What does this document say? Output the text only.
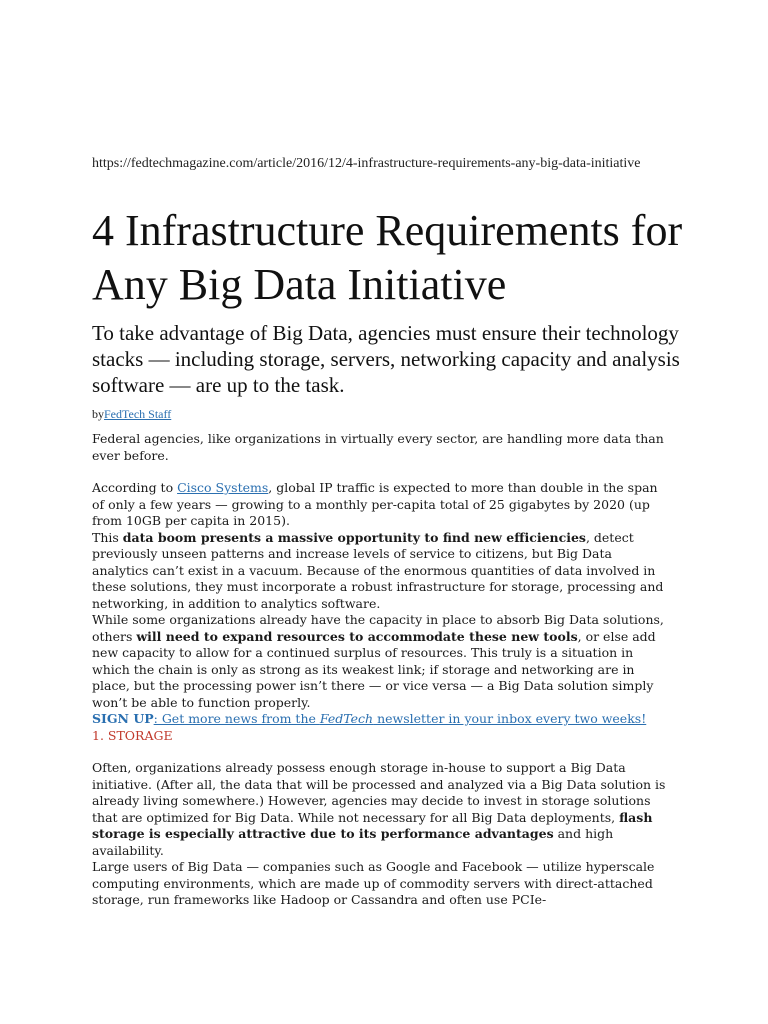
https://fedtechmagazine.com/article/2016/12/4-infrastructure-requirements-any-big-data-initiative
4 Infrastructure Requirements for Any Big Data Initiative
To take advantage of Big Data, agencies must ensure their technology stacks — including storage, servers, networking capacity and analysis software — are up to the task.
byFedTech Staff

Federal agencies, like organizations in virtually every sector, are handling more data than ever before.

According to Cisco Systems, global IP traffic is expected to more than double in the span of only a few years — growing to a monthly per-capita total of 25 gigabytes by 2020 (up from 10GB per capita in 2015).

This data boom presents a massive opportunity to find new efficiencies, detect previously unseen patterns and increase levels of service to citizens, but Big Data analytics can’t exist in a vacuum. Because of the enormous quantities of data involved in these solutions, they must incorporate a robust infrastructure for storage, processing and networking, in addition to analytics software.

While some organizations already have the capacity in place to absorb Big Data solutions, others will need to expand resources to accommodate these new tools, or else add new capacity to allow for a continued surplus of resources. This truly is a situation in which the chain is only as strong as its weakest link; if storage and networking are in place, but the processing power isn’t there — or vice versa — a Big Data solution simply won’t be able to function properly.

SIGN UP: Get more news from the FedTech newsletter in your inbox every two weeks!

1. STORAGE

Often, organizations already possess enough storage in-house to support a Big Data initiative. (After all, the data that will be processed and analyzed via a Big Data solution is already living somewhere.) However, agencies may decide to invest in storage solutions that are optimized for Big Data. While not necessary for all Big Data deployments, flash storage is especially attractive due to its performance advantages and high availability.

Large users of Big Data — companies such as Google and Facebook — utilize hyperscale computing environments, which are made up of commodity servers with direct-attached storage, run frameworks like Hadoop or Cassandra and often use PCIe-
